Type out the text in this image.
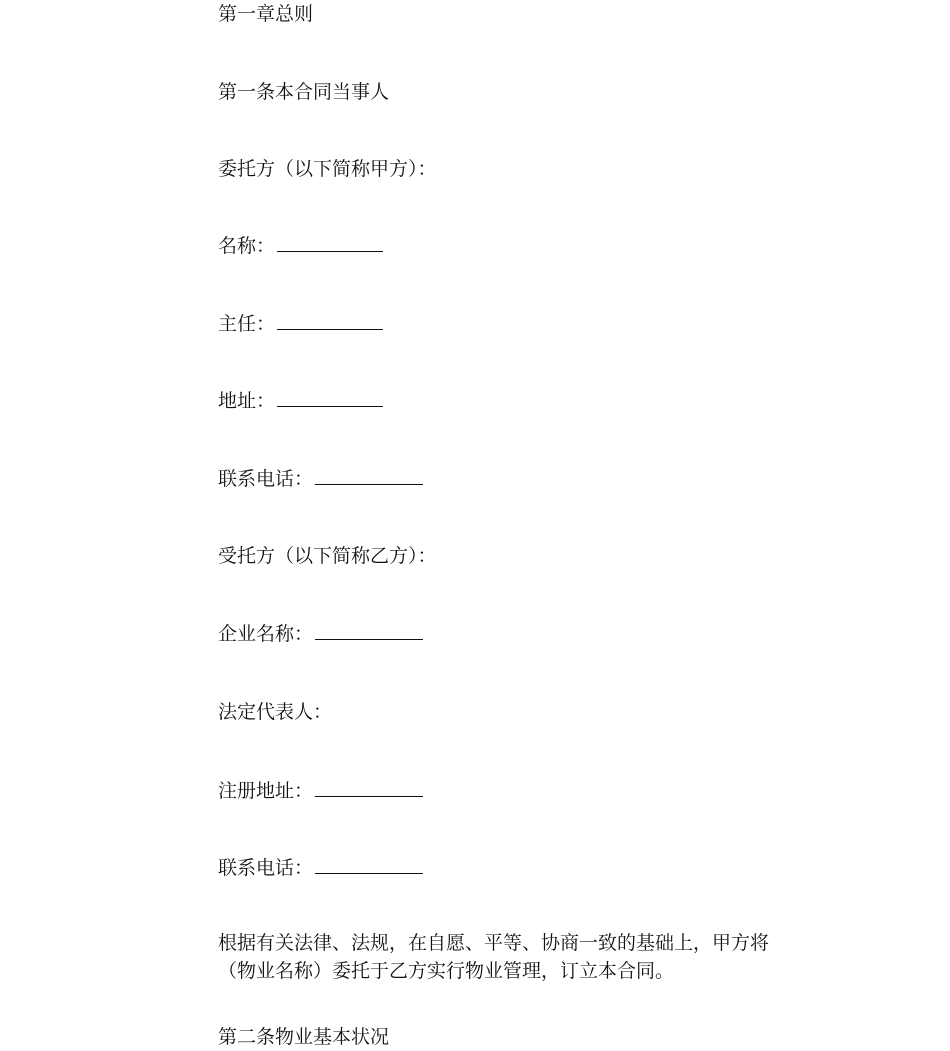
第一章总则
第一条本合同当事人
委托方（以下简称甲方）：
名称：
主任：
地址：
联系电话：
受托方（以下简称乙方）：
企业名称：
法定代表人：
注册地址：
联系电话：
根据有关法律、法规，在自愿、平等、协商一致的基础上，甲方将
（物业名称）委托于乙方实行物业管理，订立本合同。
第二条物业基本状况
